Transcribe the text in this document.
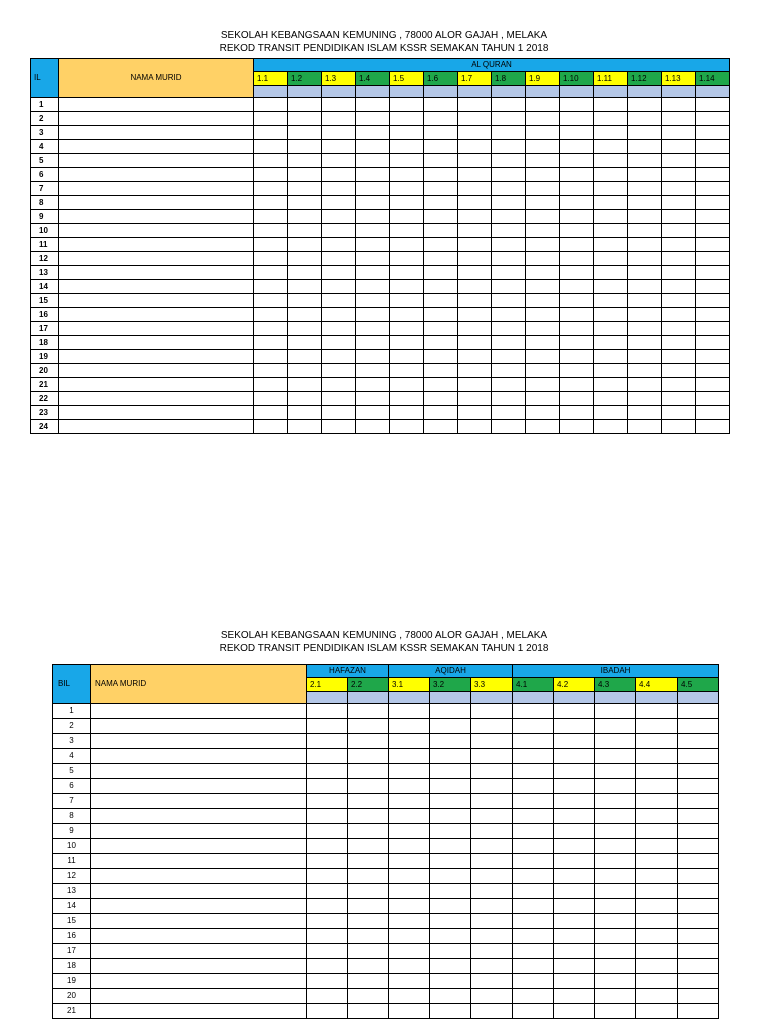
SEKOLAH KEBANGSAAN KEMUNING , 78000 ALOR GAJAH , MELAKA
REKOD TRANSIT PENDIDIKAN ISLAM KSSR SEMAKAN TAHUN 1 2018
IL	NAMA MURID	AL QURAN													
		1.1	1.2	1.3	1.4	1.5	1.6	1.7	1.8	1.9	1.10	1.11	1.12	1.13	1.14

1															
2															
3															
4															
5															
6															
7															
8															
9															
10															
11															
12															
13															
14															
15															
16															
17															
18															
19															
20															
21															
22															
23															
24															
SEKOLAH KEBANGSAAN KEMUNING , 78000 ALOR GAJAH , MELAKA
REKOD TRANSIT PENDIDIKAN ISLAM KSSR SEMAKAN TAHUN 1 2018
BIL	NAMA MURID	HAFAZAN		AQIDAH			IBADAH				
		2.1	2.2	3.1	3.2	3.3	4.1	4.2	4.3	4.4	4.5

1											
2											
3											
4											
5											
6											
7											
8											
9											
10											
11											
12											
13											
14											
15											
16											
17											
18											
19											
20											
21											
